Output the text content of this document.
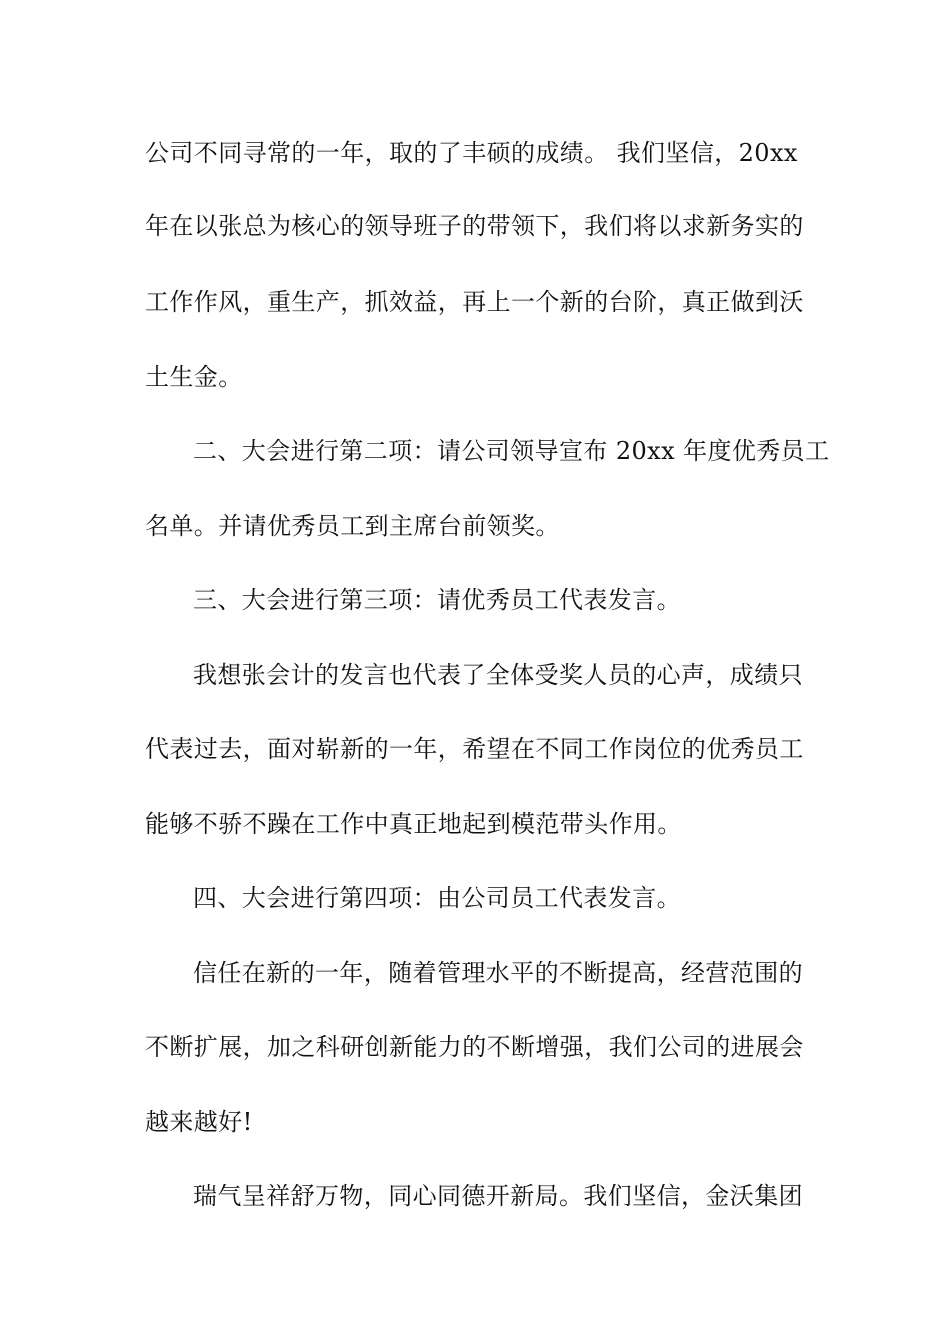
公司不同寻常的一年，取的了丰硕的成绩。 我们坚信，20xx
年在以张总为核心的领导班子的带领下，我们将以求新务实的
工作作风，重生产，抓效益，再上一个新的台阶，真正做到沃
土生金。
二、大会进行第二项：请公司领导宣布 20xx 年度优秀员工
名单。并请优秀员工到主席台前领奖。
三、大会进行第三项：请优秀员工代表发言。
我想张会计的发言也代表了全体受奖人员的心声，成绩只
代表过去，面对崭新的一年，希望在不同工作岗位的优秀员工
能够不骄不躁在工作中真正地起到模范带头作用。
四、大会进行第四项：由公司员工代表发言。
信任在新的一年，随着管理水平的不断提高，经营范围的
不断扩展，加之科研创新能力的不断增强，我们公司的进展会
越来越好!
瑞气呈祥舒万物，同心同德开新局。我们坚信，金沃集团
